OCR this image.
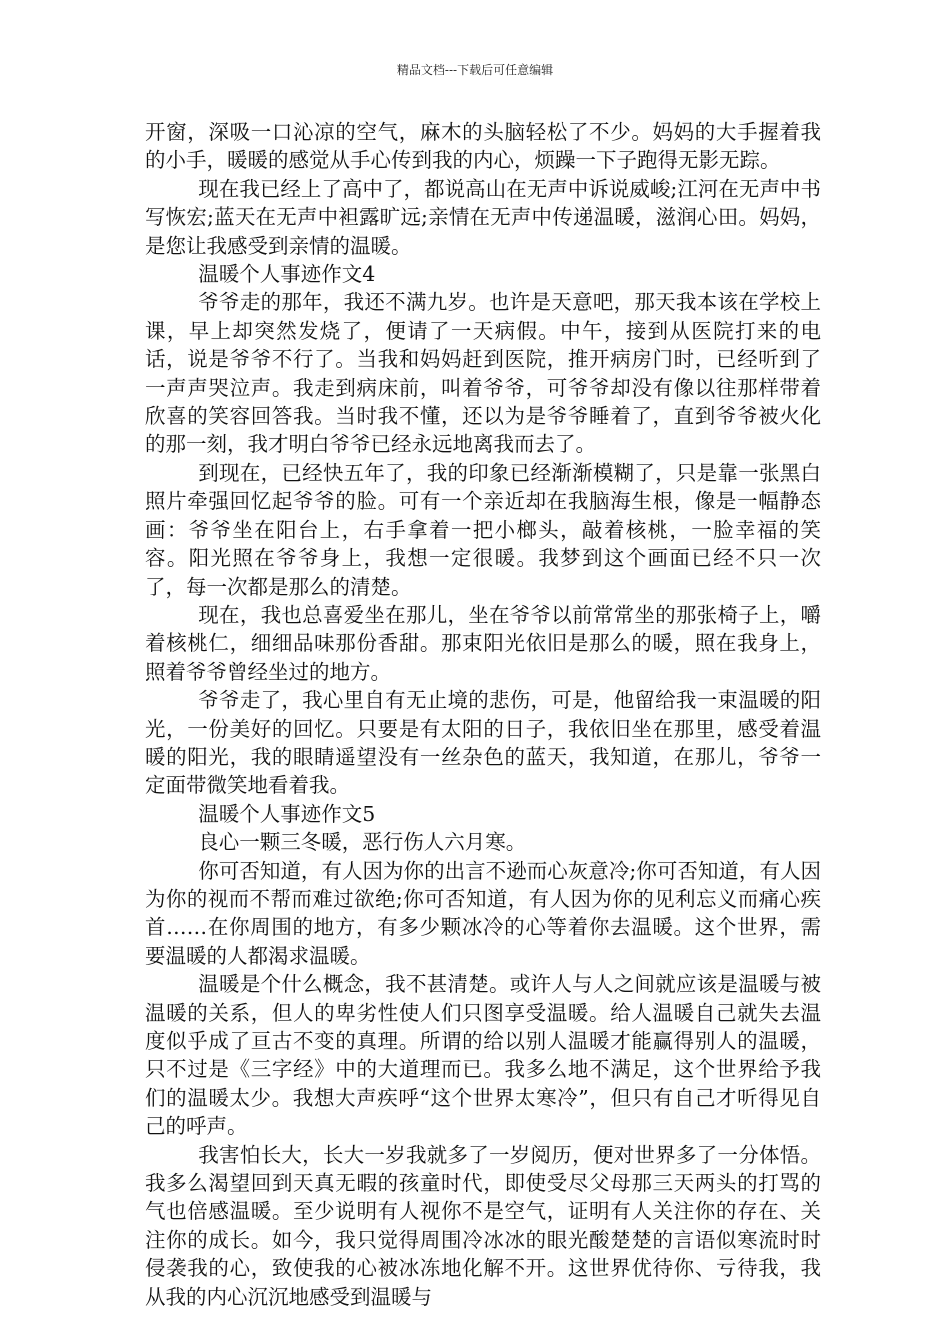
精品文档---下载后可任意编辑

开窗，深吸一口沁凉的空气，麻木的头脑轻松了不少。妈妈的大手握着我的小手，暖暖的感觉从手心传到我的内心，烦躁一下子跑得无影无踪。

现在我已经上了高中了，都说高山在无声中诉说威峻;江河在无声中书写恢宏;蓝天在无声中袒露旷远;亲情在无声中传递温暖，滋润心田。妈妈，是您让我感受到亲情的温暖。

温暖个人事迹作文4

爷爷走的那年，我还不满九岁。也许是天意吧，那天我本该在学校上课，早上却突然发烧了，便请了一天病假。中午，接到从医院打来的电话，说是爷爷不行了。当我和妈妈赶到医院，推开病房门时，已经听到了一声声哭泣声。我走到病床前，叫着爷爷，可爷爷却没有像以往那样带着欣喜的笑容回答我。当时我不懂，还以为是爷爷睡着了，直到爷爷被火化的那一刻，我才明白爷爷已经永远地离我而去了。

到现在，已经快五年了，我的印象已经渐渐模糊了，只是靠一张黑白照片牵强回忆起爷爷的脸。可有一个亲近却在我脑海生根，像是一幅静态画：爷爷坐在阳台上，右手拿着一把小榔头，敲着核桃，一脸幸福的笑容。阳光照在爷爷身上，我想一定很暖。我梦到这个画面已经不只一次了，每一次都是那么的清楚。

现在，我也总喜爱坐在那儿，坐在爷爷以前常常坐的那张椅子上，嚼着核桃仁，细细品味那份香甜。那束阳光依旧是那么的暖，照在我身上，照着爷爷曾经坐过的地方。

爷爷走了，我心里自有无止境的悲伤，可是，他留给我一束温暖的阳光，一份美好的回忆。只要是有太阳的日子，我依旧坐在那里，感受着温暖的阳光，我的眼睛遥望没有一丝杂色的蓝天，我知道，在那儿，爷爷一定面带微笑地看着我。

温暖个人事迹作文5

良心一颗三冬暖，恶行伤人六月寒。

你可否知道，有人因为你的出言不逊而心灰意冷;你可否知道，有人因为你的视而不帮而难过欲绝;你可否知道，有人因为你的见利忘义而痛心疾首……在你周围的地方，有多少颗冰冷的心等着你去温暖。这个世界，需要温暖的人都渴求温暖。

温暖是个什么概念，我不甚清楚。或许人与人之间就应该是温暖与被温暖的关系，但人的卑劣性使人们只图享受温暖。给人温暖自己就失去温度似乎成了亘古不变的真理。所谓的给以别人温暖才能赢得别人的温暖，只不过是《三字经》中的大道理而已。我多么地不满足，这个世界给予我们的温暖太少。我想大声疾呼“这个世界太寒冷”，但只有自己才听得见自己的呼声。

我害怕长大，长大一岁我就多了一岁阅历，便对世界多了一分体悟。我多么渴望回到天真无暇的孩童时代，即使受尽父母那三天两头的打骂的气也倍感温暖。至少说明有人视你不是空气，证明有人关注你的存在、关注你的成长。如今，我只觉得周围冷冰冰的眼光酸楚楚的言语似寒流时时侵袭我的心，致使我的心被冰冻地化解不开。这世界优待你、亏待我，我从我的内心沉沉地感受到温暖与
